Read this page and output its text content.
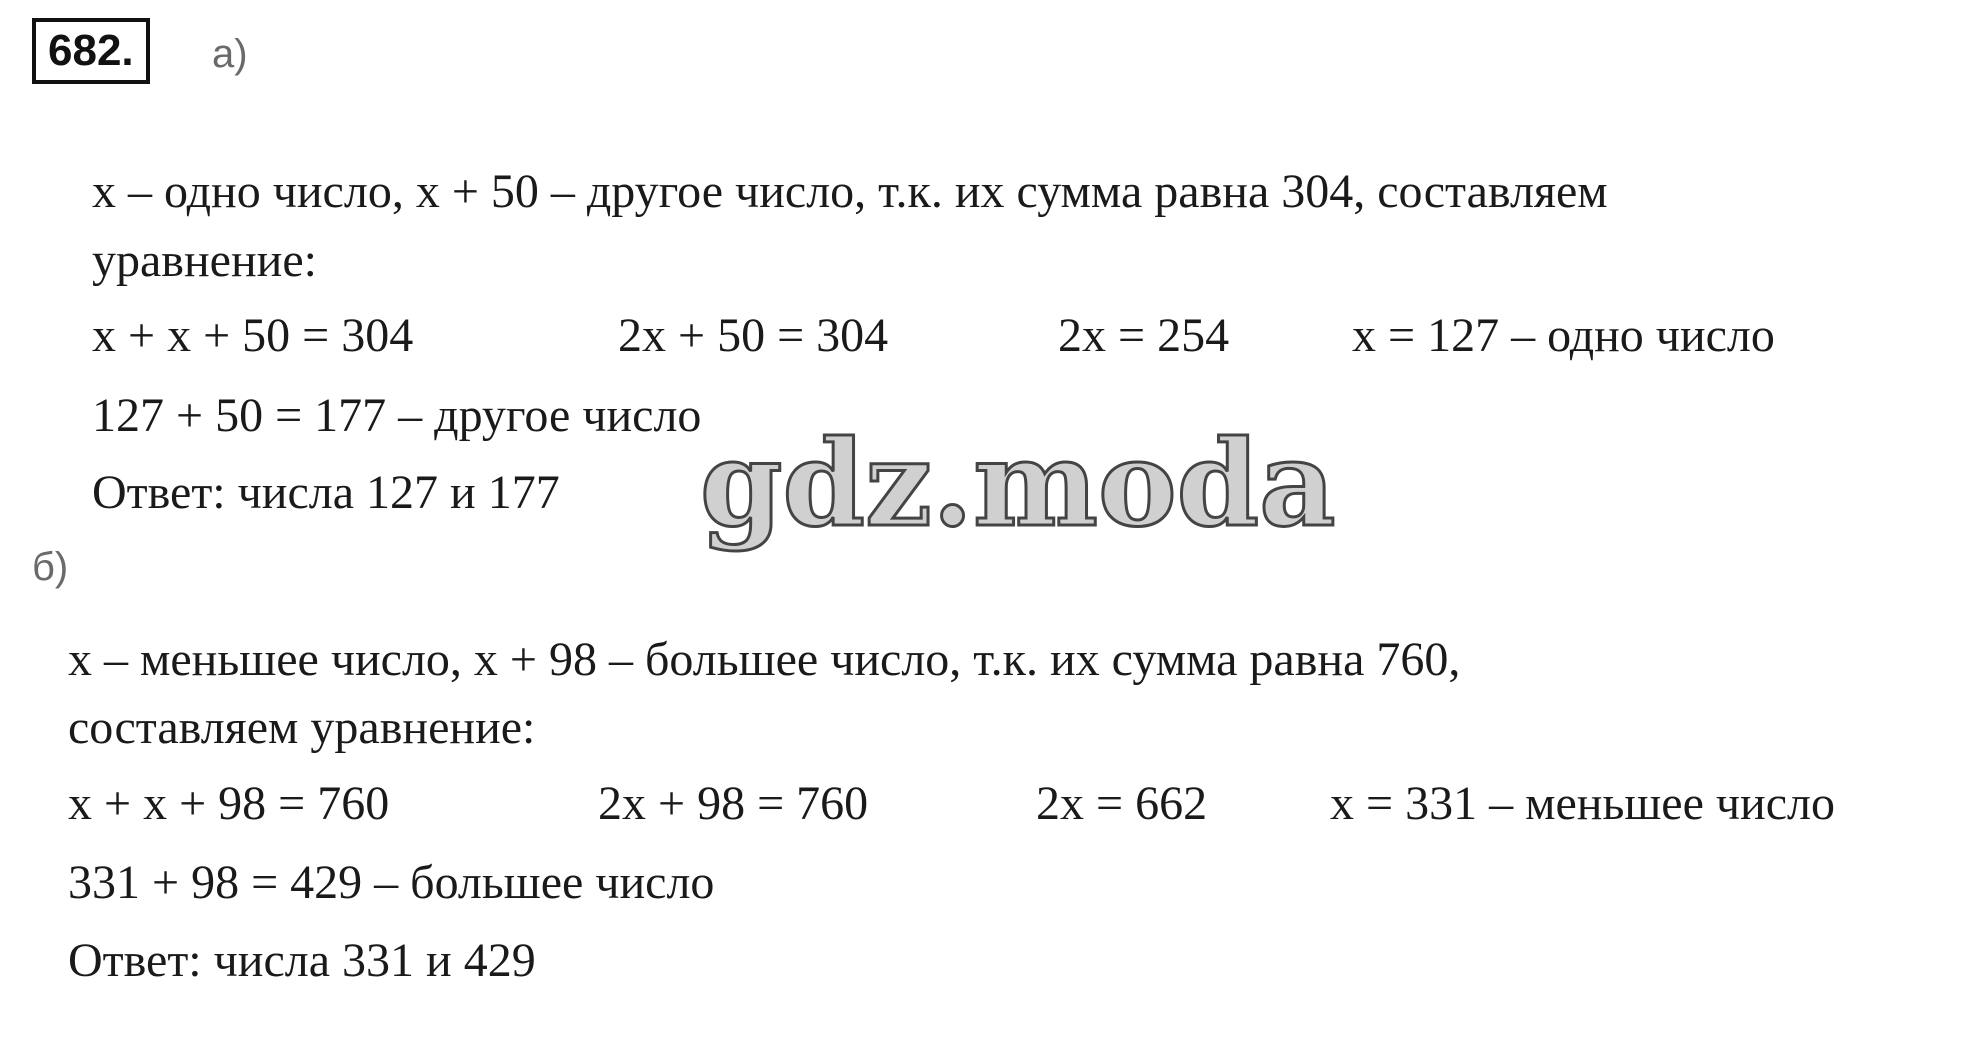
682.	а)
х – одно число, х + 50 – другое число, т.к. их сумма равна 304, составляем
уравнение:
х + х + 50 = 304	2х + 50 = 304	2х = 254	х = 127 – одно число
127 + 50 = 177 – другое число
Ответ: числа 127 и 177
б)
х – меньшее число, х + 98 – большее число, т.к. их сумма равна 760,
составляем уравнение:
х + х + 98 = 760	2х + 98 = 760	2х = 662	х = 331 – меньшее число
331 + 98 = 429 – большее число
Ответ: числа 331 и 429
gdz.moda
